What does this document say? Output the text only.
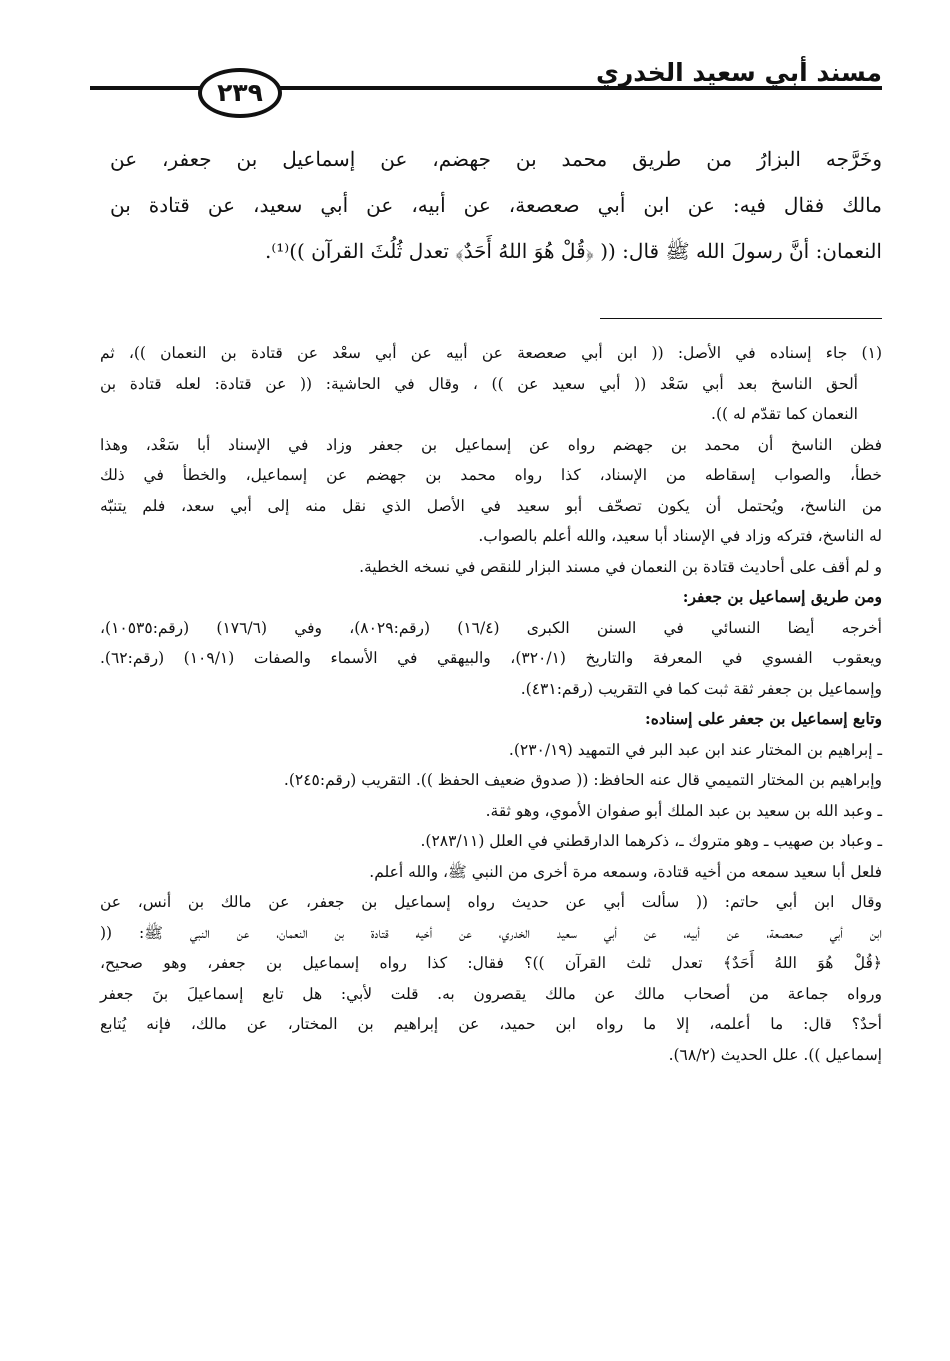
مسند أبي سعيد الخدري
٢٣٩

وخَرَّجه البزارُ من طريق محمد بن جهضم، عن إسماعيل بن جعفر، عن

مالك فقال فيه: عن ابن أبي صعصعة، عن أبيه، عن أبي سعيد، عن قتادة بن

النعمان: أنَّ رسولَ الله ﷺ قال: (( ﴿قُلْ هُوَ اللهُ أَحَدٌ﴾ تعدل ثُلُثَ القرآن ))⁽¹⁾.

(١) جاء إسناده في الأصل: (( ابن أبي صعصعة عن أبيه عن أبي سعْد عن قتادة بن النعمان ))، ثم

ألحق الناسخ بعد أبي سَعْد (( أبي سعيد عن )) ، وقال في الحاشية: (( عن قتادة: لعله قتادة بن

النعمان كما تقدّم له )).

فظن الناسخ أن محمد بن جهضم رواه عن إسماعيل بن جعفر وزاد في الإسناد أبا سَعْد، وهذا

خطأ، والصواب إسقاطه من الإسناد، كذا رواه محمد بن جهضم عن إسماعيل، والخطأ في ذلك

من الناسخ، ويُحتمل أن يكون تصحّف أبو سعيد في الأصل الذي نقل منه إلى أبي سعد، فلم يتنبّه

له الناسخ، فتركه وزاد في الإسناد أبا سعيد، والله أعلم بالصواب.

و لم أقف على أحاديث قتادة بن النعمان في مسند البزار للنقص في نسخه الخطية.

ومن طريق إسماعيل بن جعفر:

أخرجه أيضا النسائي في السنن الكبرى (١٦/٤) (رقم:٨٠٢٩)، وفي (١٧٦/٦) (رقم:١٠٥٣٥)،

ويعقوب الفسوي في المعرفة والتاريخ (٣٢٠/١)، والبيهقي في الأسماء والصفات (١٠٩/١) (رقم:٦٢).

وإسماعيل بن جعفر ثقة ثبت كما في التقريب (رقم:٤٣١).

وتابع إسماعيل بن جعفر على إسناده:

ـ إبراهيم بن المختار عند ابن عبد البر في التمهيد (٢٣٠/١٩).

وإبراهيم بن المختار التميمي قال عنه الحافظ: (( صدوق ضعيف الحفظ )). التقريب (رقم:٢٤٥).

ـ وعبد الله بن سعيد بن عبد الملك أبو صفوان الأموي، وهو ثقة.

ـ وعباد بن صهيب ـ وهو متروك ـ، ذكرهما الدارقطني في العلل (٢٨٣/١١).

فلعل أبا سعيد سمعه من أخيه قتادة، وسمعه مرة أخرى من النبي ﷺ، والله أعلم.

وقال ابن أبي حاتم: (( سألت أبي عن حديث رواه إسماعيل بن جعفر، عن مالك بن أنس، عن

ابن أبي صعصعة، عن أبيه، عن أبي سعيد الخدري، عن أخيه قتادة بن النعمان، عن النبي ﷺ: ((

﴿قُلْ هُوَ اللهُ أَحَدٌ﴾ تعدل ثلث القرآن ))؟ فقال: كذا رواه إسماعيل بن جعفر، وهو صحيح،

ورواه جماعة من أصحاب مالك عن مالك يقصرون به. قلت لأبي: هل تابع إسماعيلَ بنَ جعفر

أحدٌ؟ قال: ما أعلمه، إلا ما رواه ابن حميد، عن إبراهيم بن المختار، عن مالك، فإنه يُتابع

إسماعيل )). علل الحديث (٦٨/٢).
